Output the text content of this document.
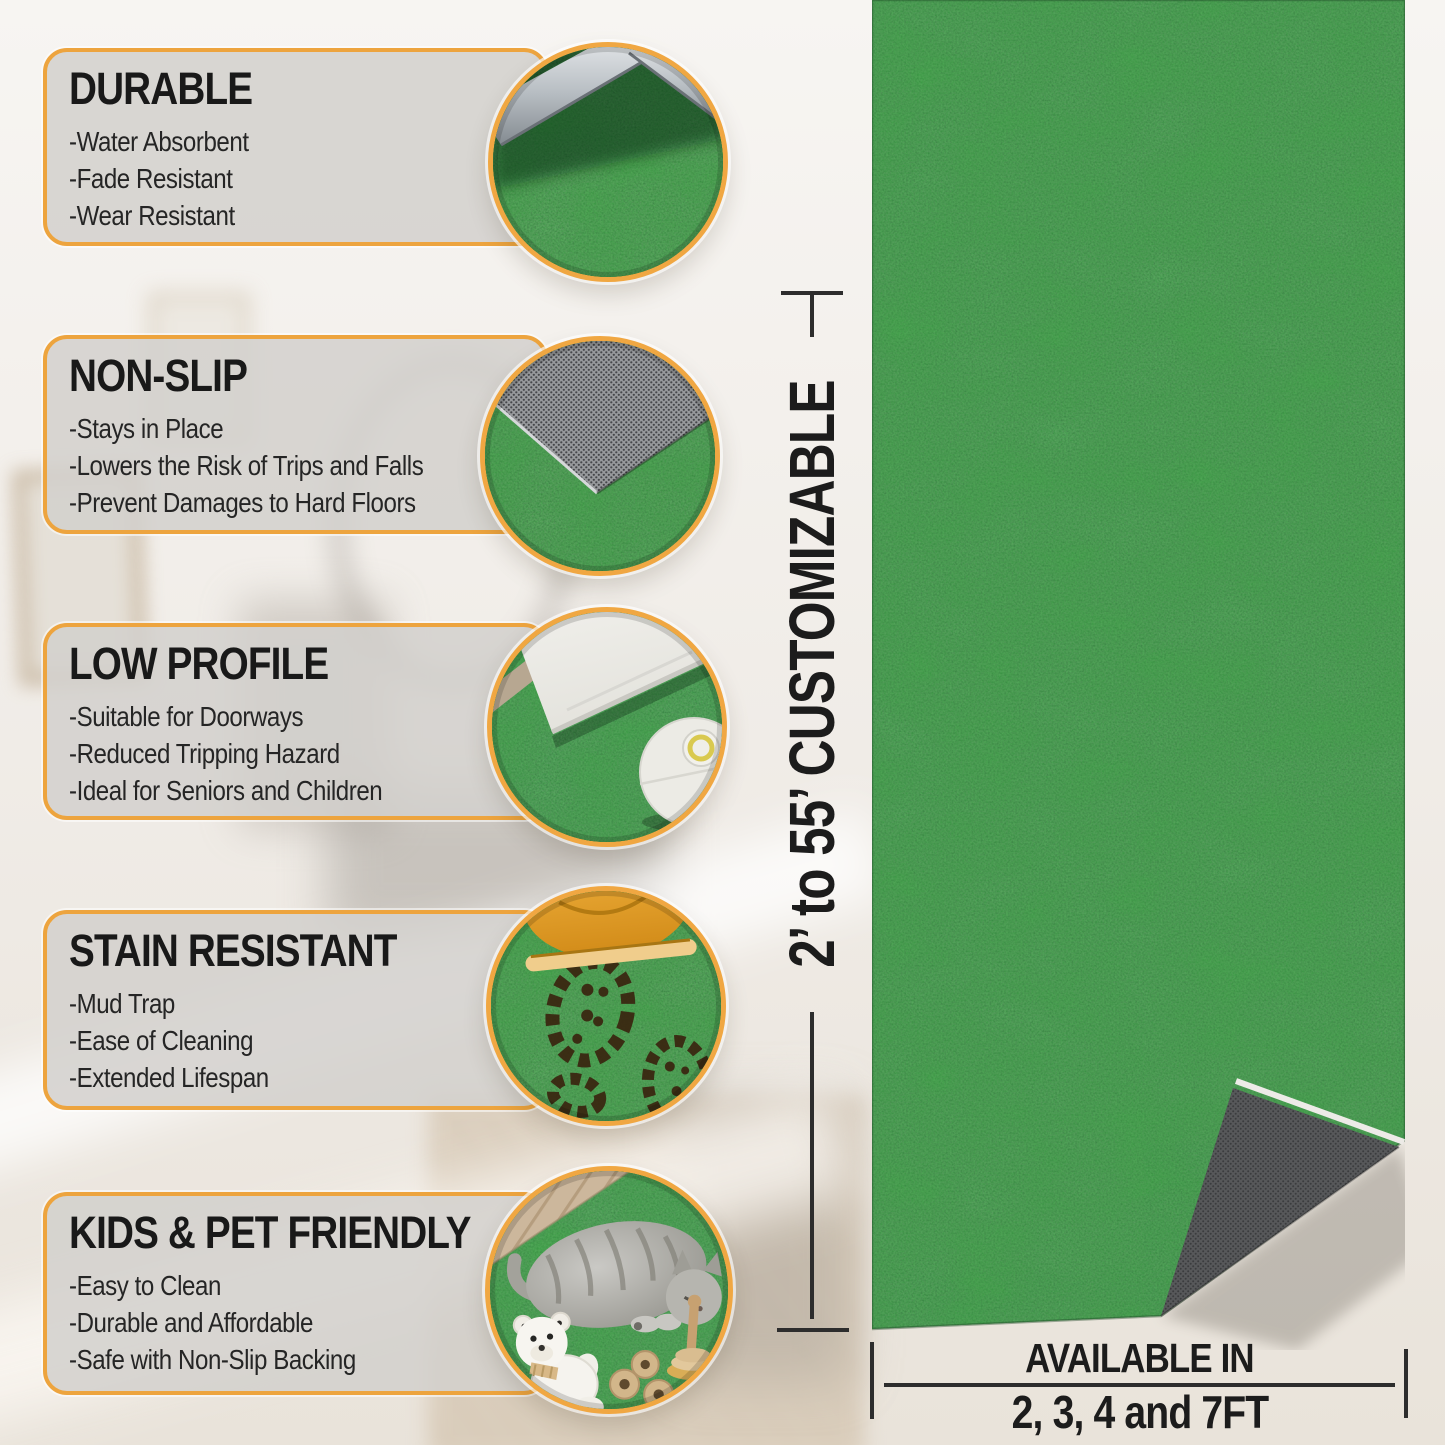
DURABLE
-Water Absorbent
-Fade Resistant
-Wear Resistant
NON-SLIP
-Stays in Place
-Lowers the Risk of Trips and Falls
-Prevent Damages to Hard Floors
LOW PROFILE
-Suitable for Doorways
-Reduced Tripping Hazard
-Ideal for Seniors and Children
STAIN RESISTANT
-Mud Trap
-Ease of Cleaning
-Extended Lifespan
KIDS & PET FRIENDLY
-Easy to Clean
-Durable and Affordable
-Safe with Non-Slip Backing
2’ to 55’ CUSTOMIZABLE
AVAILABLE IN
2, 3, 4 and 7FT
